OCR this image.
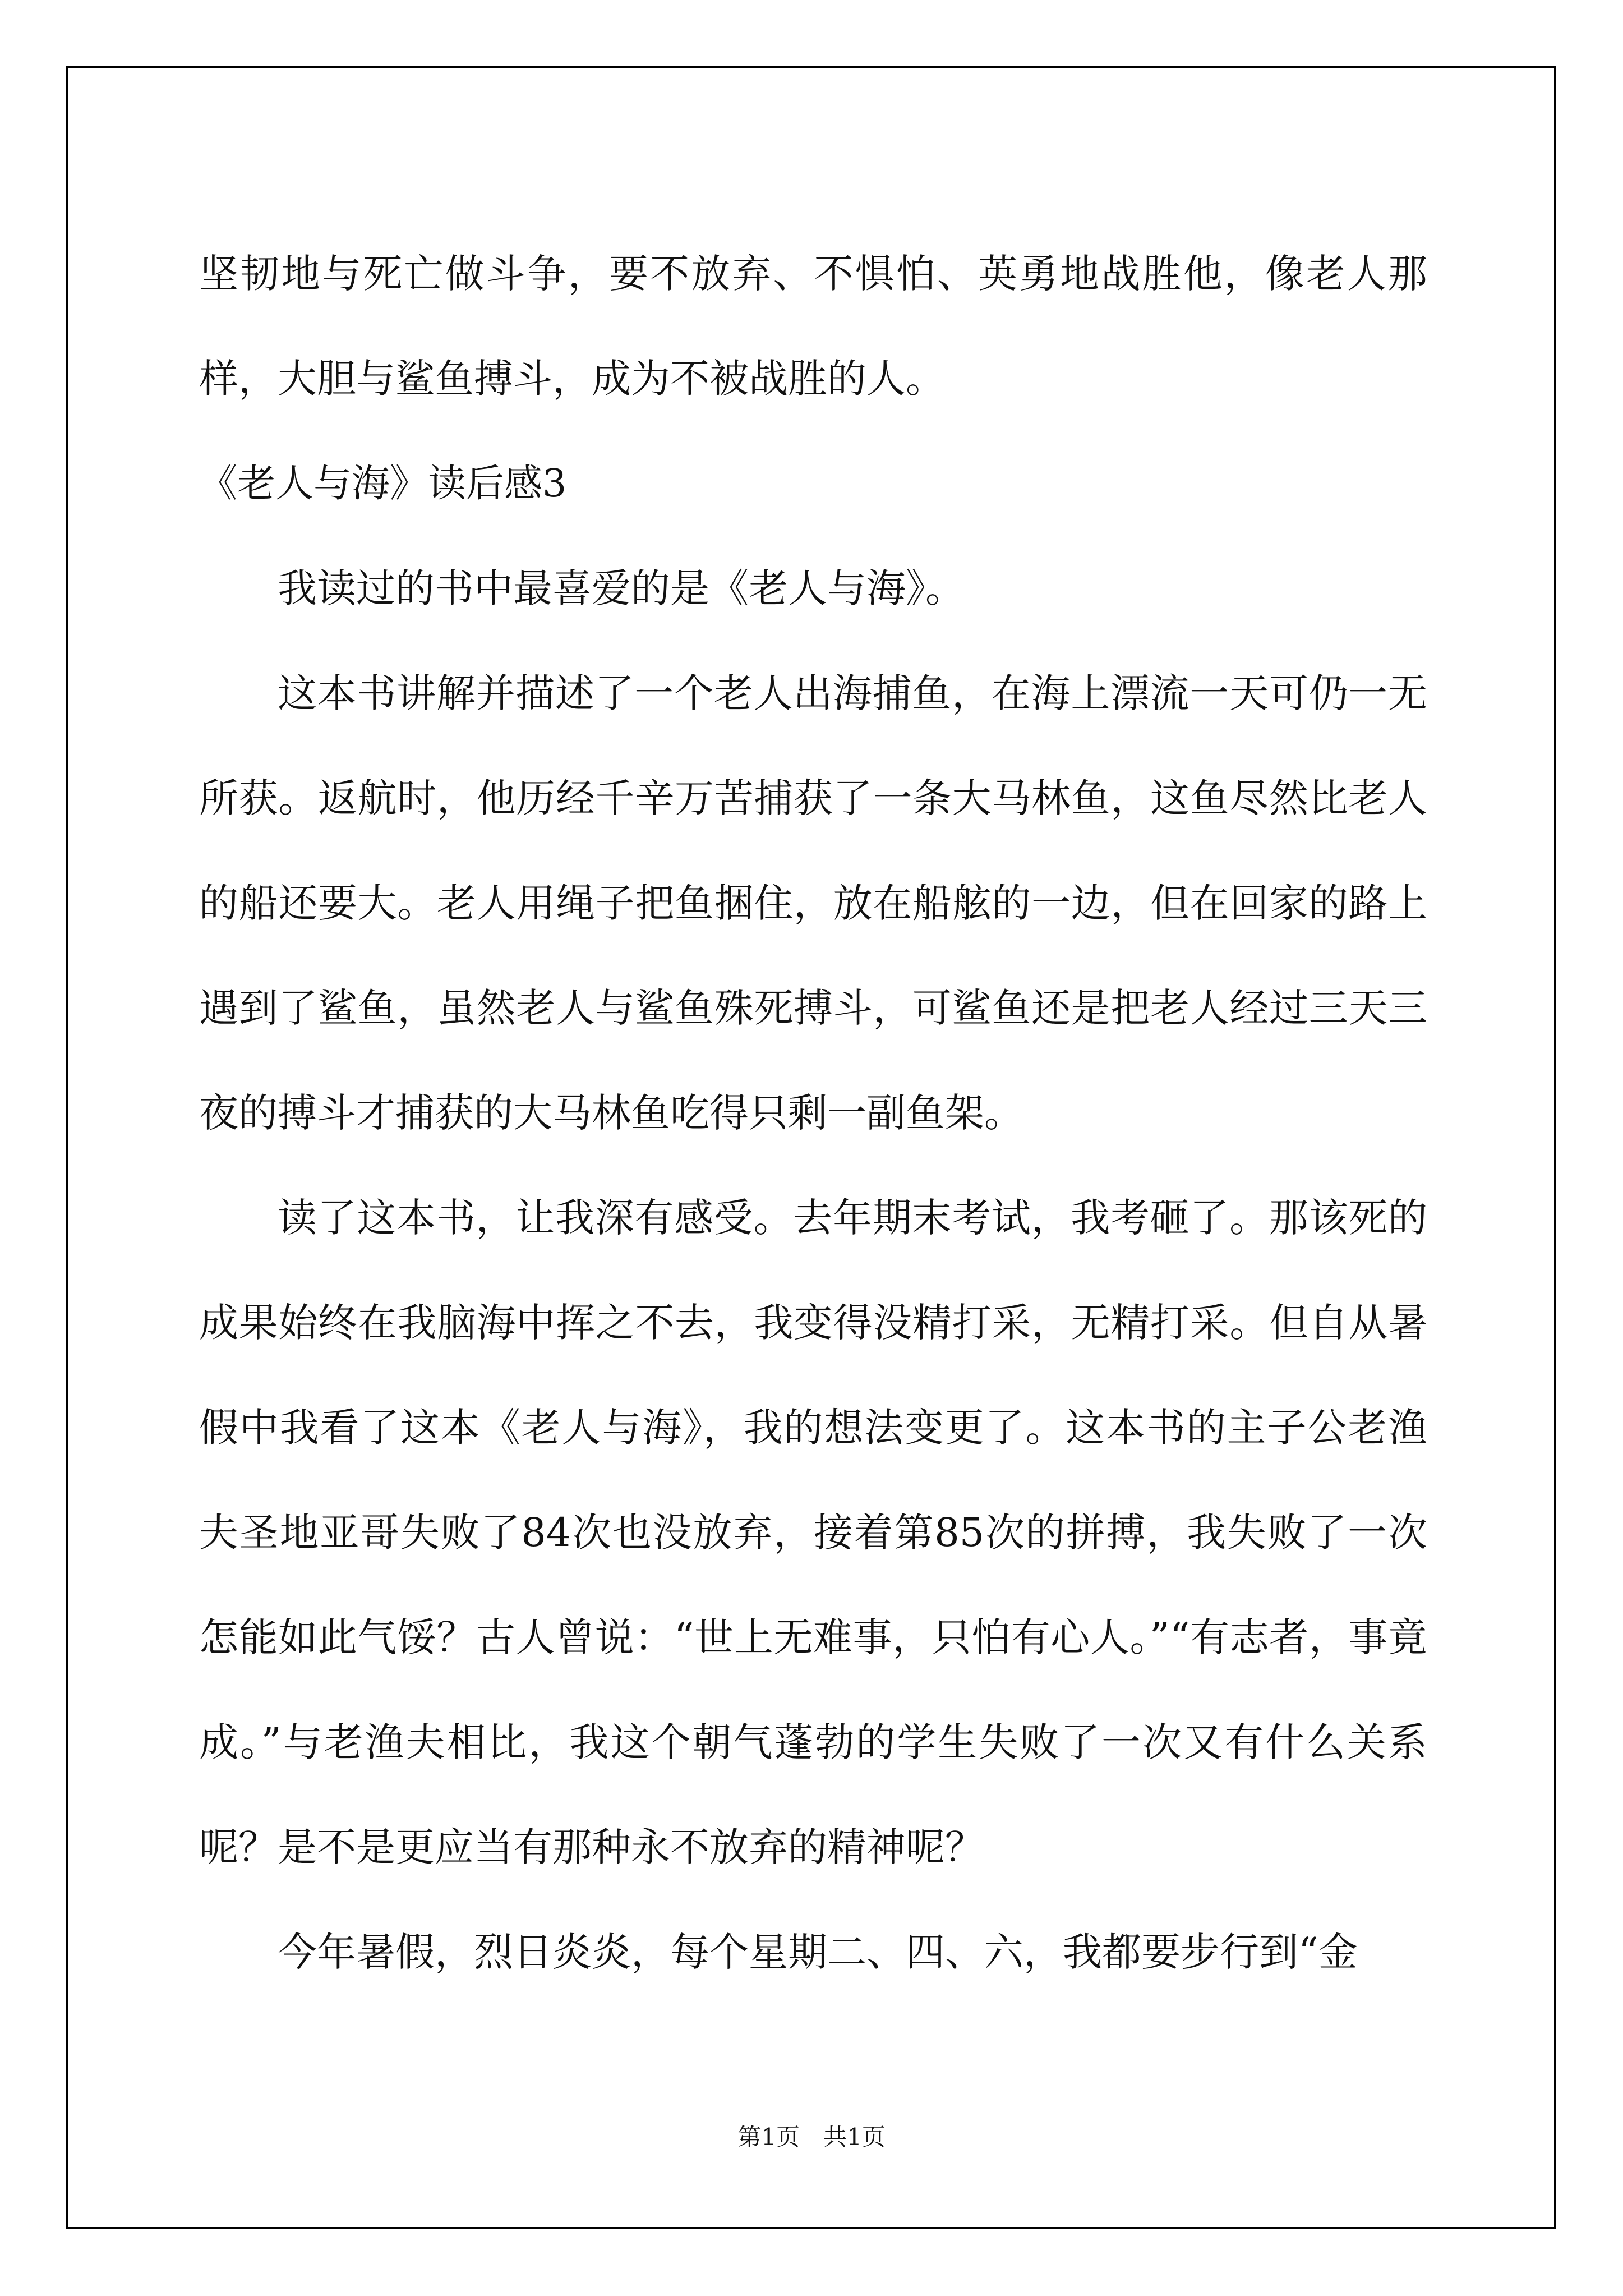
坚韧地与死亡做斗争，要不放弃、不惧怕、英勇地战胜他，像老人那样，大胆与鲨鱼搏斗，成为不被战胜的人。

《老人与海》读后感3

我读过的书中最喜爱的是《老人与海》。

这本书讲解并描述了一个老人出海捕鱼，在海上漂流一天可仍一无所获。返航时，他历经千辛万苦捕获了一条大马林鱼，这鱼尽然比老人的船还要大。老人用绳子把鱼捆住，放在船舷的一边，但在回家的路上遇到了鲨鱼，虽然老人与鲨鱼殊死搏斗，可鲨鱼还是把老人经过三天三夜的搏斗才捕获的大马林鱼吃得只剩一副鱼架。

读了这本书，让我深有感受。去年期末考试，我考砸了。那该死的成果始终在我脑海中挥之不去，我变得没精打采，无精打采。但自从暑假中我看了这本《老人与海》，我的想法变更了。这本书的主子公老渔夫圣地亚哥失败了84次也没放弃，接着第85次的拼搏，我失败了一次怎能如此气馁？古人曾说：“世上无难事，只怕有心人。”“有志者，事竟成。”与老渔夫相比，我这个朝气蓬勃的学生失败了一次又有什么关系呢？是不是更应当有那种永不放弃的精神呢？

今年暑假，烈日炎炎，每个星期二、四、六，我都要步行到“金

第1页　共1页
